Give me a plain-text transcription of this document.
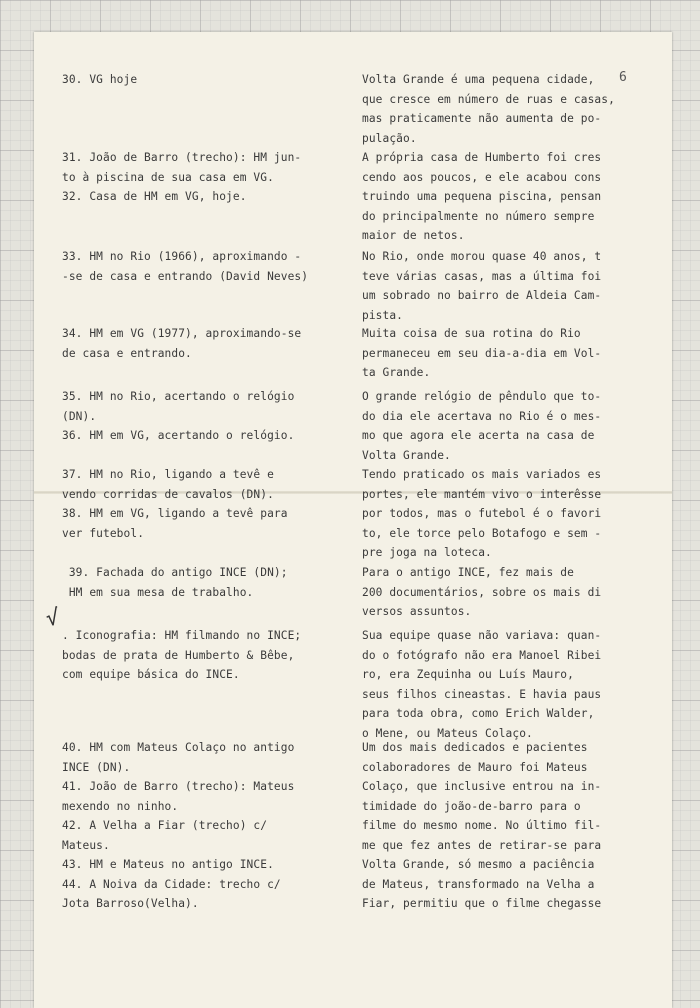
6
√
30. VG hoje	Volta Grande é uma pequena cidade,
que cresce em número de ruas e casas,
mas praticamente não aumenta de po-
pulação.
31. João de Barro (trecho): HM jun-
to à piscina de sua casa em VG.
32. Casa de HM em VG, hoje.
A própria casa de Humberto foi cres
cendo aos poucos, e ele acabou cons
truindo uma pequena piscina, pensan
do principalmente no número sempre
maior de netos.
33. HM no Rio (1966), aproximando -
-se de casa e entrando (David Neves)
No Rio, onde morou quase 40 anos, t
teve várias casas, mas a última foi
um sobrado no bairro de Aldeia Cam-
pista.
34. HM em VG (1977), aproximando-se
de casa e entrando.
Muita coisa de sua rotina do Rio
permaneceu em seu dia-a-dia em Vol-
ta Grande.
35. HM no Rio, acertando o relógio
(DN).
36. HM em VG, acertando o relógio.
O grande relógio de pêndulo que to-
do dia ele acertava no Rio é o mes-
mo que agora ele acerta na casa de
Volta Grande.
37. HM no Rio, ligando a tevê e
vendo corridas de cavalos (DN).
38. HM em VG, ligando a tevê para
ver futebol.
Tendo praticado os mais variados es
portes, ele mantém vivo o interêsse
por todos, mas o futebol é o favori
to, ele torce pelo Botafogo e sem -
pre joga na loteca.
39. Fachada do antigo INCE (DN);
HM em sua mesa de trabalho.
Para o antigo INCE, fez mais de
200 documentários, sobre os mais di
versos assuntos.
. Iconografia: HM filmando no INCE;
bodas de prata de Humberto & Bêbe,
com equipe básica do INCE.
Sua equipe quase não variava: quan-
do o fotógrafo não era Manoel Ribei
ro, era Zequinha ou Luís Mauro,
seus filhos cineastas. E havia paus
para toda obra, como Erich Walder,
o Mene, ou Mateus Colaço.
40. HM com Mateus Colaço no antigo
INCE (DN).
41. João de Barro (trecho): Mateus
mexendo no ninho.
42. A Velha a Fiar (trecho) c/
Mateus.
43. HM e Mateus no antigo INCE.
44. A Noiva da Cidade: trecho c/
Jota Barroso(Velha).
Um dos mais dedicados e pacientes
colaboradores de Mauro foi Mateus
Colaço, que inclusive entrou na in-
timidade do joão-de-barro para o
filme do mesmo nome. No último fil-
me que fez antes de retirar-se para
Volta Grande, só mesmo a paciência
de Mateus, transformado na Velha a
Fiar, permitiu que o filme chegasse
